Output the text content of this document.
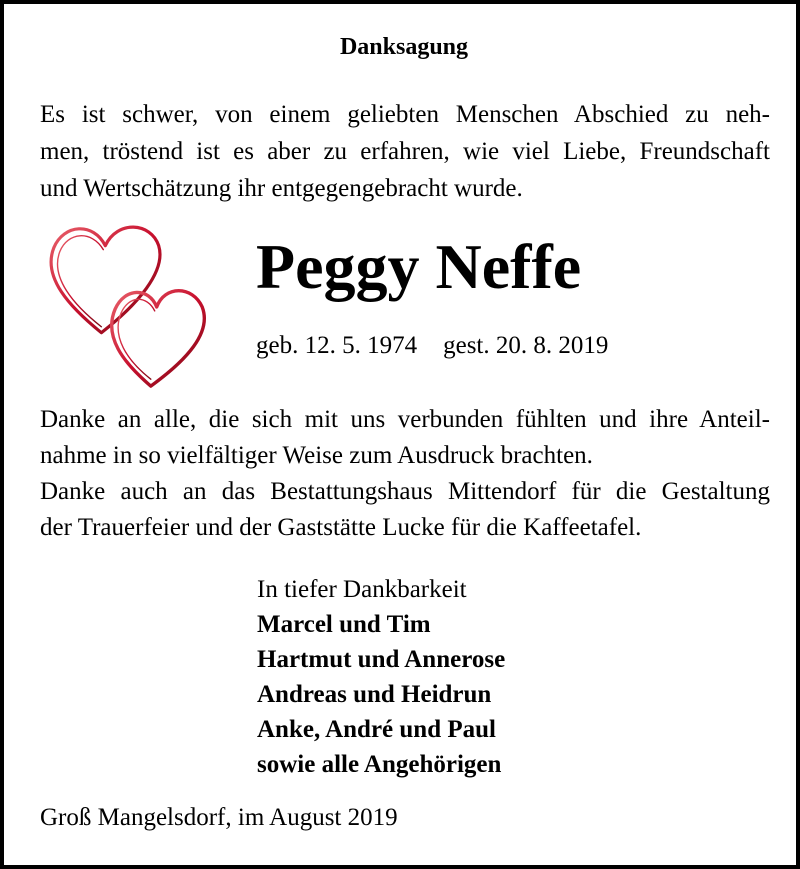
Danksagung
Es ist schwer, von einem geliebten Menschen Abschied zu neh-
men, tröstend ist es aber zu erfahren, wie viel Liebe, Freundschaft
und Wertschätzung ihr entgegengebracht wurde.
Peggy Neffe
geb. 12. 5. 1974 gest. 20. 8. 2019
Danke an alle, die sich mit uns verbunden fühlten und ihre Anteil-
nahme in so vielfältiger Weise zum Ausdruck brachten.
Danke auch an das Bestattungshaus Mittendorf für die Gestaltung
der Trauerfeier und der Gaststätte Lucke für die Kaffeetafel.
In tiefer Dankbarkeit
Marcel und Tim
Hartmut und Annerose
Andreas und Heidrun
Anke, André und Paul
sowie alle Angehörigen
Groß Mangelsdorf, im August 2019
